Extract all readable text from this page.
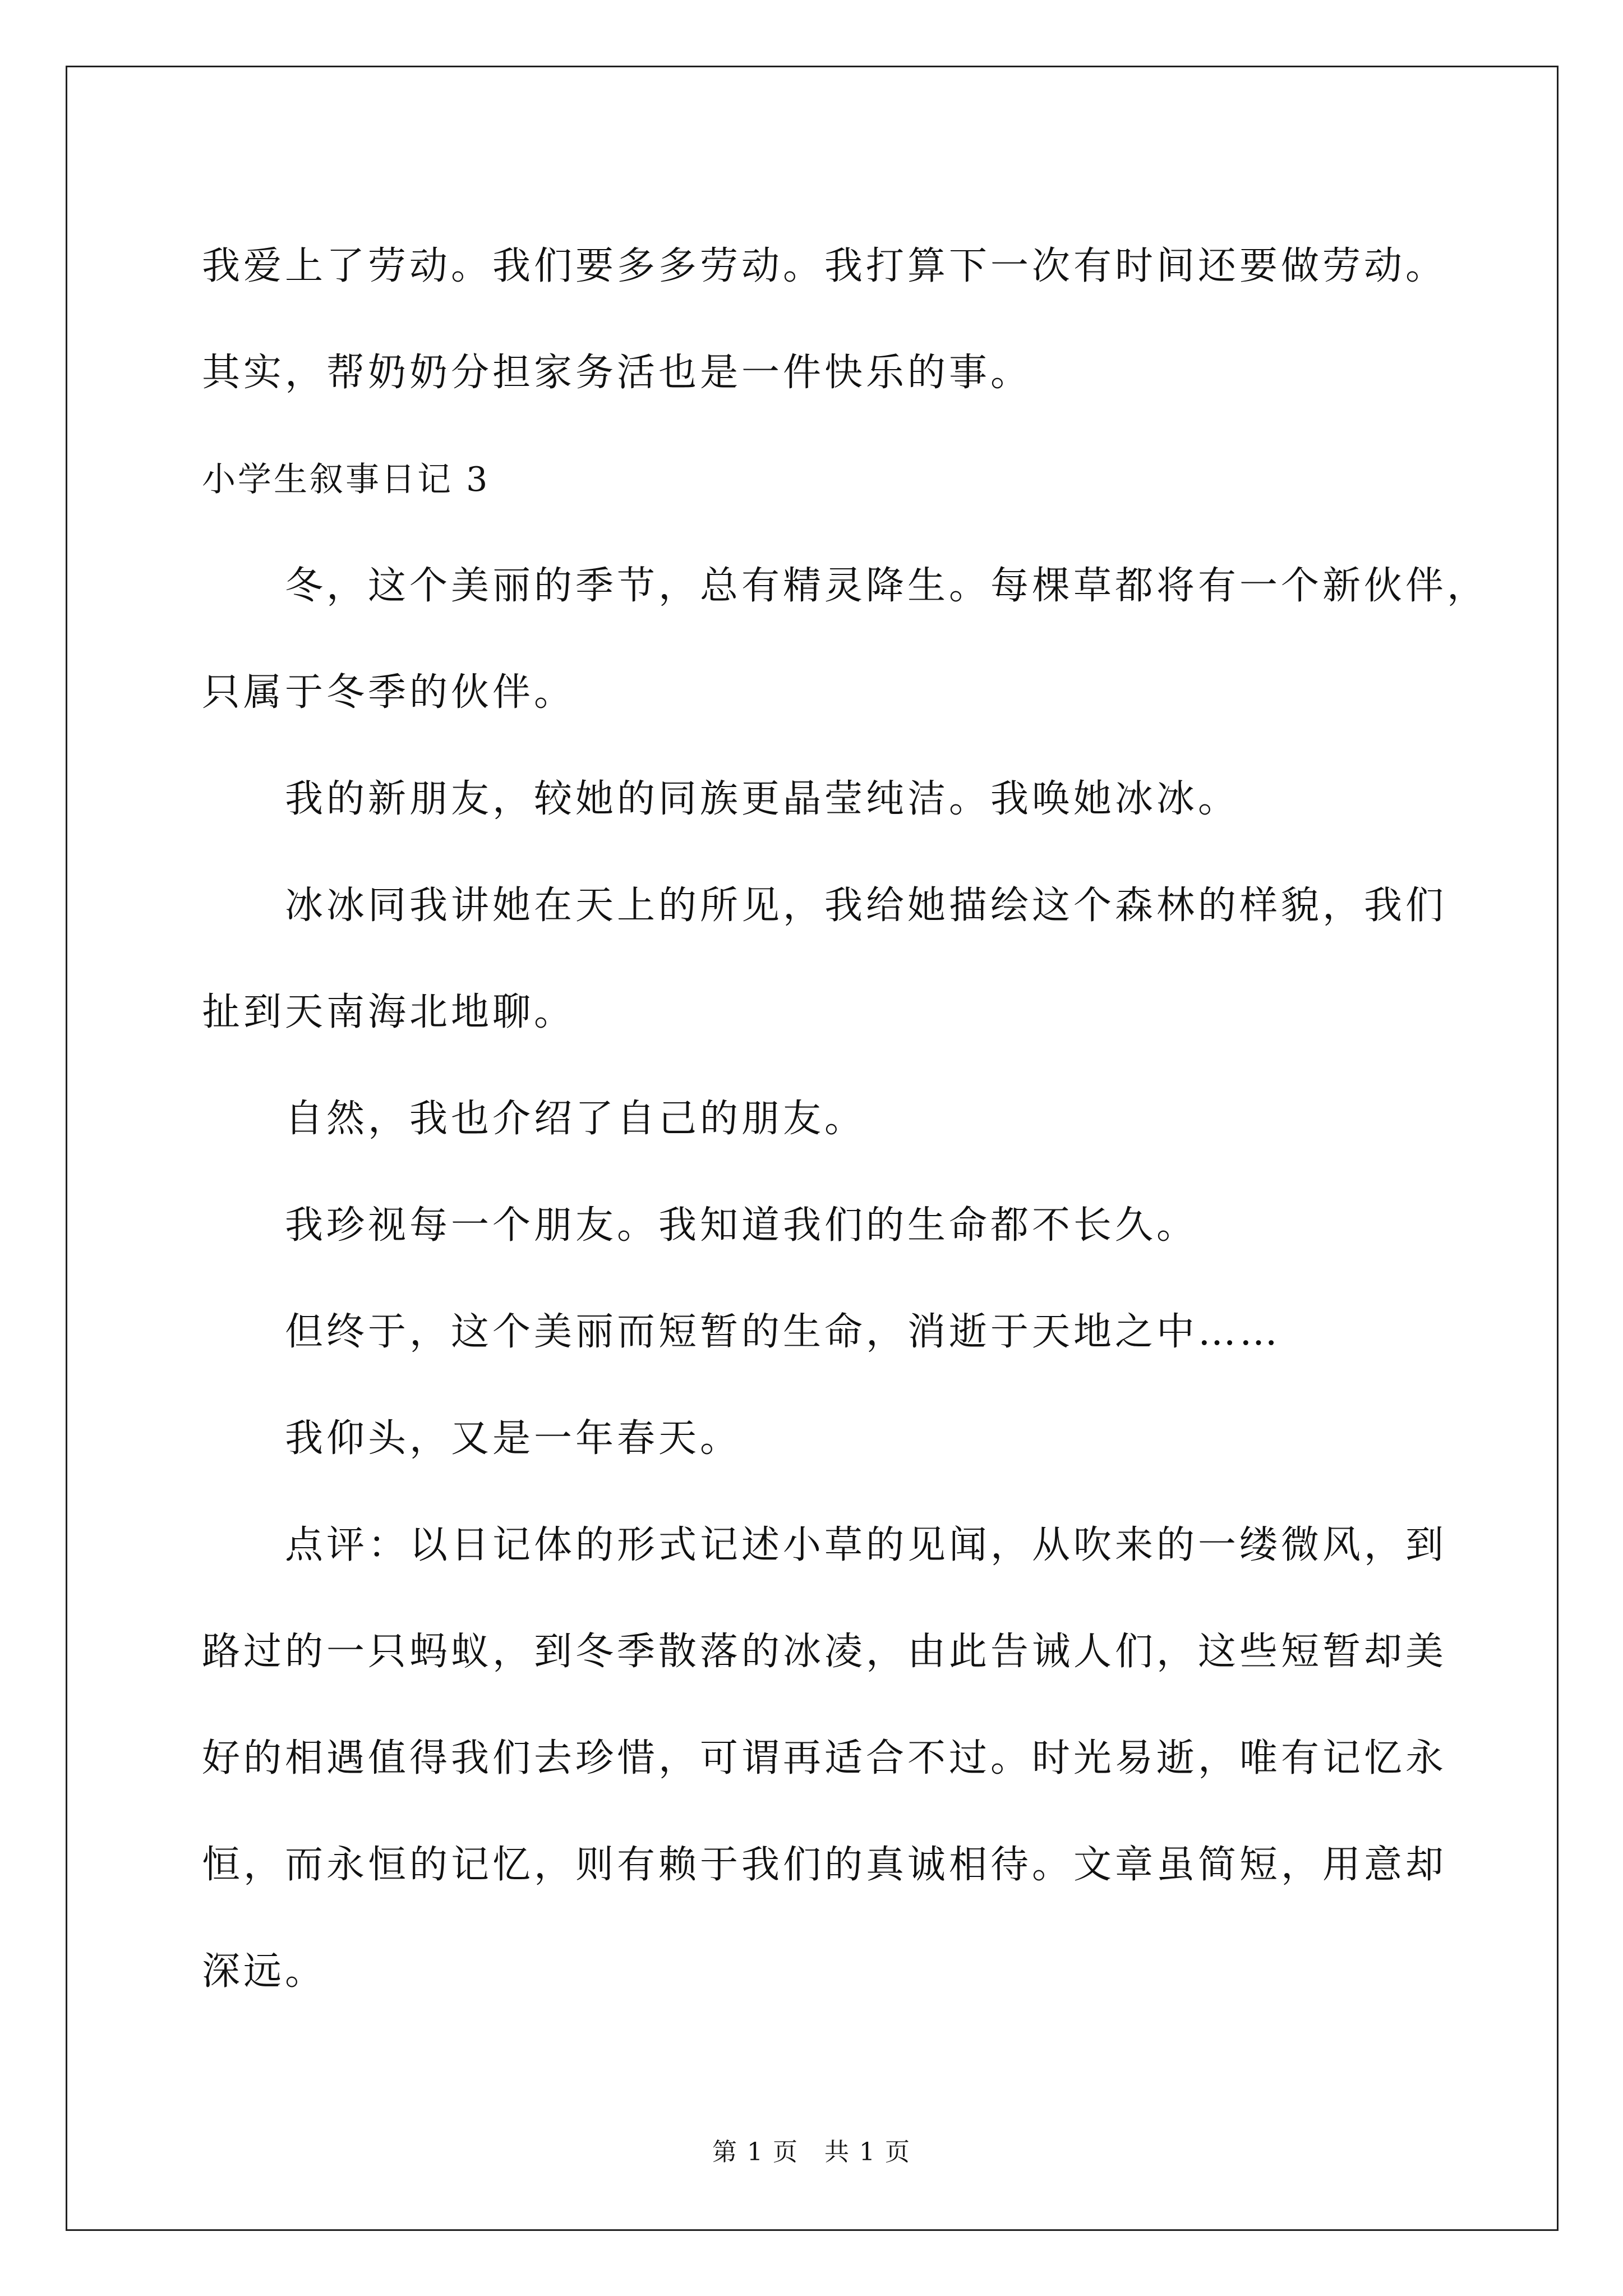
我爱上了劳动。我们要多多劳动。我打算下一次有时间还要做劳动。
其实，帮奶奶分担家务活也是一件快乐的事。
小学生叙事日记 3
冬，这个美丽的季节，总有精灵降生。每棵草都将有一个新伙伴，
只属于冬季的伙伴。
我的新朋友，较她的同族更晶莹纯洁。我唤她冰冰。
冰冰同我讲她在天上的所见，我给她描绘这个森林的样貌，我们
扯到天南海北地聊。
自然，我也介绍了自己的朋友。
我珍视每一个朋友。我知道我们的生命都不长久。
但终于，这个美丽而短暂的生命，消逝于天地之中……
我仰头，又是一年春天。
点评：以日记体的形式记述小草的见闻，从吹来的一缕微风，到
路过的一只蚂蚁，到冬季散落的冰凌，由此告诫人们，这些短暂却美
好的相遇值得我们去珍惜，可谓再适合不过。时光易逝，唯有记忆永
恒，而永恒的记忆，则有赖于我们的真诚相待。文章虽简短，用意却
深远。
第 1 页　共 1 页
